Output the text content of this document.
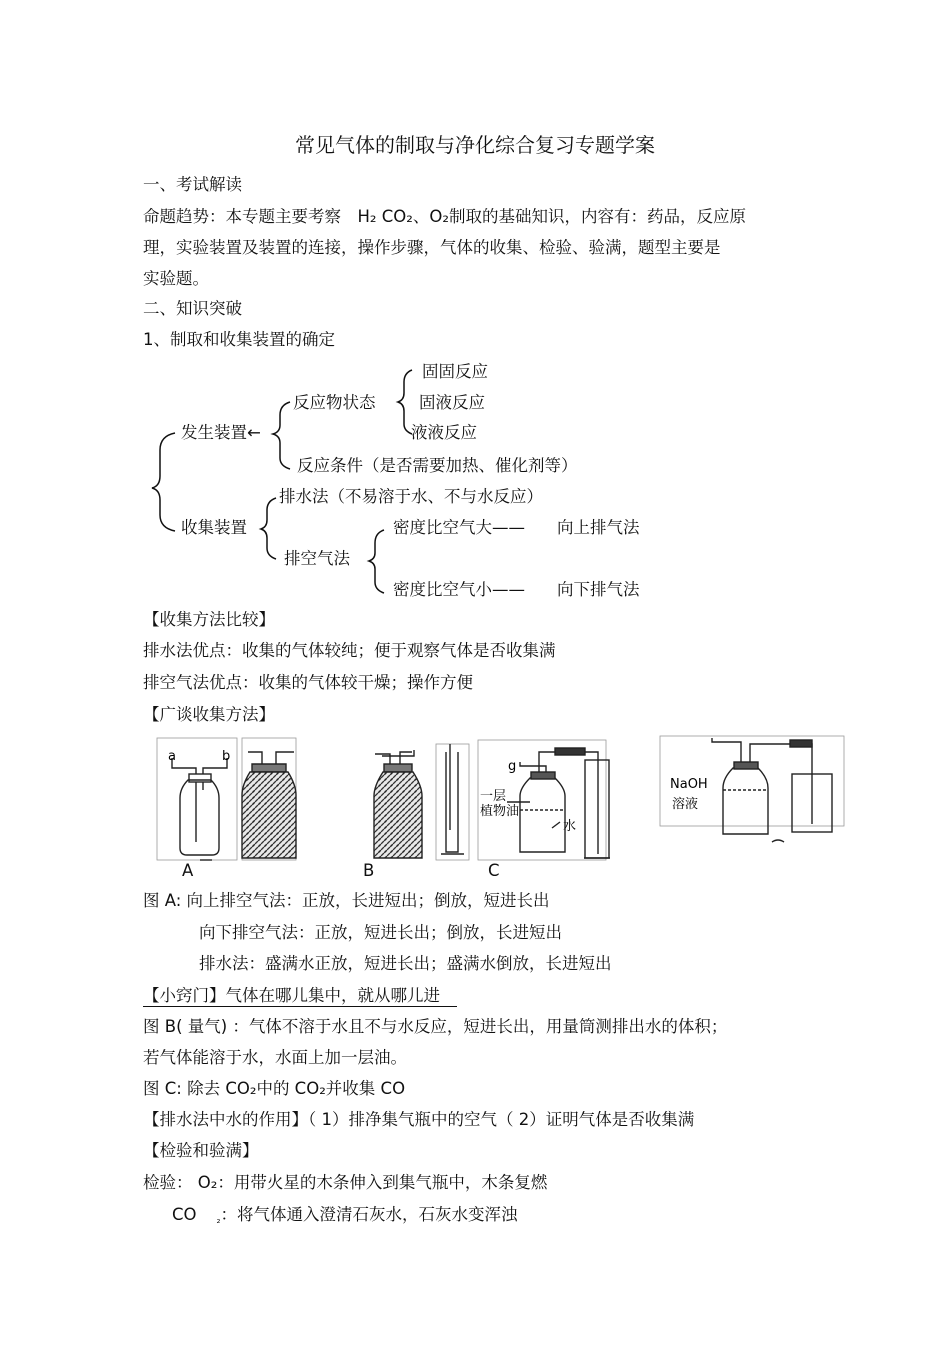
常见气体的制取与净化综合复习专题学案
一、考试解读
命题趋势：本专题主要考察　H₂ CO₂、O₂制取的基础知识，内容有：药品，反应原
理，实验装置及装置的连接，操作步骤，气体的收集、检验、验满，题型主要是
实验题。
二、知识突破
1、制取和收集装置的确定
发生装置←
反应物状态
固固反应
固液反应
液液反应
反应条件（是否需要加热、催化剂等）
收集装置
排水法（不易溶于水、不与水反应）
排空气法
密度比空气大—— 向上排气法
密度比空气小—— 向下排气法
【收集方法比较】
排水法优点：收集的气体较纯；便于观察气体是否收集满
排空气法优点：收集的气体较干燥；操作方便
【广谈收集方法】
a	b
g
一层
植物油
水
NaOH
溶液
A	B	C
图 A: 向上排空气法：正放，长进短出；倒放，短进长出
向下排空气法：正放，短进长出；倒放，长进短出
排水法：盛满水正放，短进长出；盛满水倒放，长进短出
【小窍门】气体在哪儿集中，就从哪儿进　
图 B( 量气) ：气体不溶于水且不与水反应，短进长出，用量筒测排出水的体积；
若气体能溶于水，水面上加一层油。
图 C: 除去 CO₂中的 CO₂并收集 CO
【排水法中水的作用】（ 1）排净集气瓶中的空气（ 2）证明气体是否收集满
【检验和验满】
检验： O₂：用带火星的木条伸入到集气瓶中，木条复燃
CO $_{_2}$：将气体通入澄清石灰水，石灰水变浑浊
